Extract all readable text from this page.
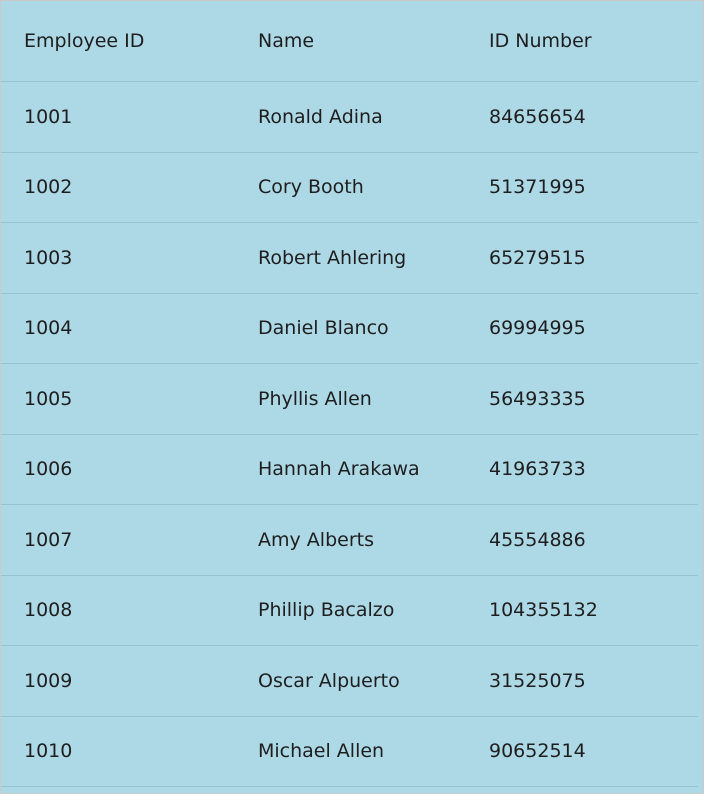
Employee ID	Name	ID Number
1001	Ronald Adina	84656654
1002	Cory Booth	51371995
1003	Robert Ahlering	65279515
1004	Daniel Blanco	69994995
1005	Phyllis Allen	56493335
1006	Hannah Arakawa	41963733
1007	Amy Alberts	45554886
1008	Phillip Bacalzo	104355132
1009	Oscar Alpuerto	31525075
1010	Michael Allen	90652514
